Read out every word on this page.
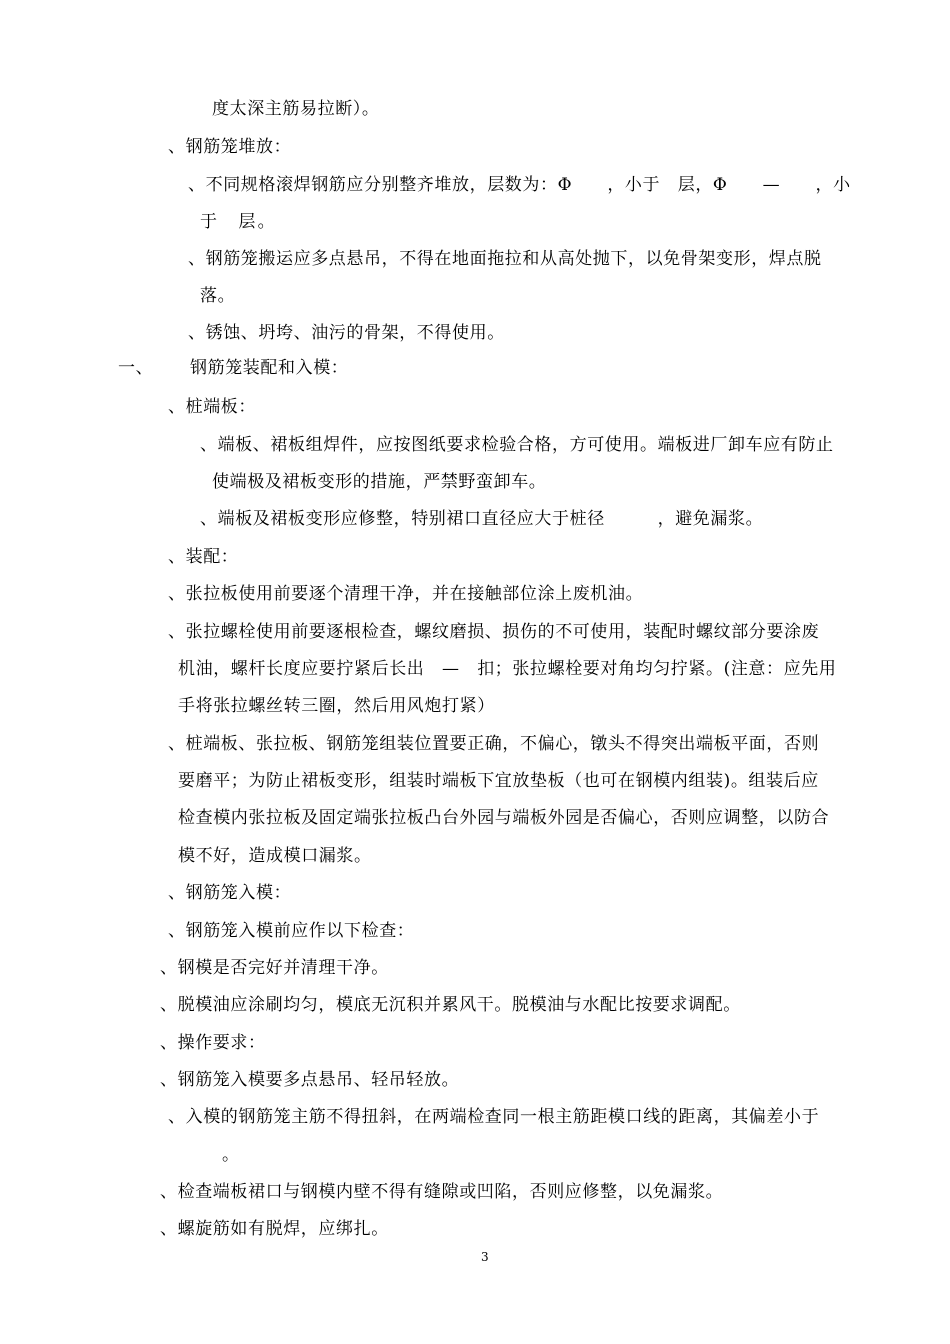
度太深主筋易拉断）。
、钢筋笼堆放：
、不同规格滚焊钢筋应分别整齐堆放，层数为：Φ　　，小于　层，Φ　　—　　，小
于　层。
、钢筋笼搬运应多点悬吊，不得在地面拖拉和从高处抛下，以免骨架变形，焊点脱
落。
、锈蚀、坍垮、油污的骨架，不得使用。
一、 钢筋笼装配和入模：
、桩端板：
、端板、裙板组焊件，应按图纸要求检验合格，方可使用。端板进厂卸车应有防止
使端极及裙板变形的措施，严禁野蛮卸车。
、端板及裙板变形应修整，特别裙口直径应大于桩径　　　，避免漏浆。
、装配：
、张拉板使用前要逐个清理干净，并在接触部位涂上废机油。
、张拉螺栓使用前要逐根检查，螺纹磨损、损伤的不可使用，装配时螺纹部分要涂废
机油，螺杆长度应要拧紧后长出　—　扣；张拉螺栓要对角均匀拧紧。(注意：应先用
手将张拉螺丝转三圈，然后用风炮打紧）
、桩端板、张拉板、钢筋笼组装位置要正确，不偏心，镦头不得突出端板平面，否则
要磨平；为防止裙板变形，组装时端板下宜放垫板（也可在钢模内组装)。组装后应
检查模内张拉板及固定端张拉板凸台外园与端板外园是否偏心，否则应调整，以防合
模不好，造成模口漏浆。
、钢筋笼入模：
、钢筋笼入模前应作以下检查：
、钢模是否完好并清理干净。
、脱模油应涂刷均匀，模底无沉积并累风干。脱模油与水配比按要求调配。
、操作要求：
、钢筋笼入模要多点悬吊、轻吊轻放。
、入模的钢筋笼主筋不得扭斜，在两端检查同一根主筋距模口线的距离，其偏差小于
。
、检查端板裙口与钢模内壁不得有缝隙或凹陷，否则应修整，以免漏浆。
、螺旋筋如有脱焊，应绑扎。
3
